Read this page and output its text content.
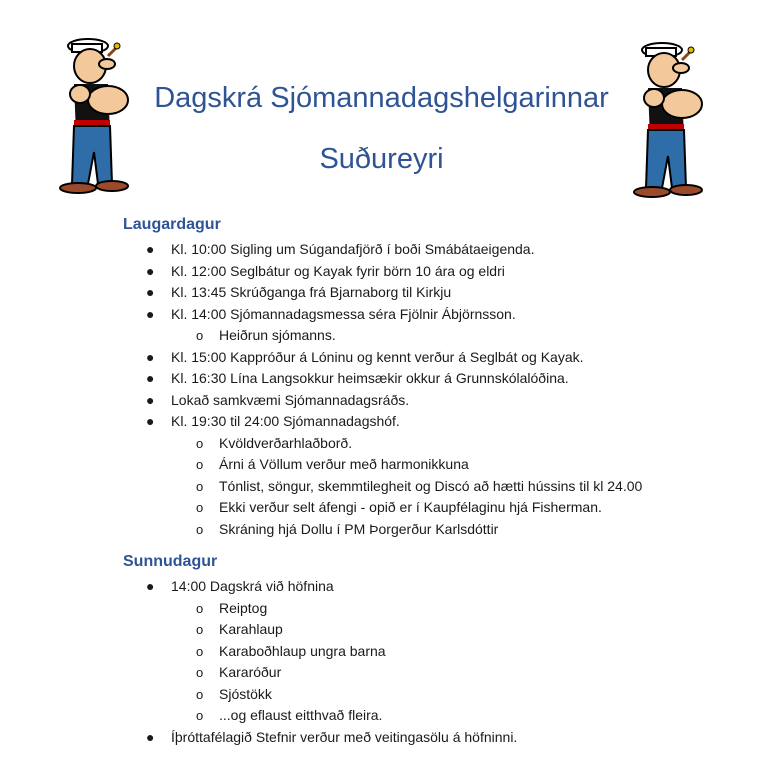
Dagskrá Sjómannadagshelgarinnar
Suðureyri
Laugardagur
● Kl. 10:00 Sigling um Súgandafjörð í boði Smábátaeigenda.
● Kl. 12:00 Seglbátur og Kayak fyrir börn 10 ára og eldri
● Kl. 13:45 Skrúðganga frá Bjarnaborg til Kirkju
● Kl. 14:00 Sjómannadagsmessa séra Fjölnir Ábjörnsson.
o Heiðrun sjómanns.
● Kl. 15:00 Kappróður á Lóninu og kennt verður á Seglbát og Kayak.
● Kl. 16:30 Lína Langsokkur heimsækir okkur á Grunnskólalóðina.
● Lokað samkvæmi Sjómannadagsráðs.
● Kl. 19:30 til 24:00 Sjómannadagshóf.
o Kvöldverðarhlaðborð.
o Árni á Völlum verður með harmonikkuna
o Tónlist, söngur, skemmtilegheit og Discó að hætti hússins til kl 24.00
o Ekki verður selt áfengi - opið er í Kaupfélaginu hjá Fisherman.
o Skráning hjá Dollu í PM Þorgerður Karlsdóttir
Sunnudagur
● 14:00 Dagskrá við höfnina
o Reiptog
o Karahlaup
o Karaboðhlaup ungra barna
o Kararóður
o Sjóstökk
o ...og eflaust eitthvað fleira.
● Íþróttafélagið Stefnir verður með veitingasölu á höfninni.
